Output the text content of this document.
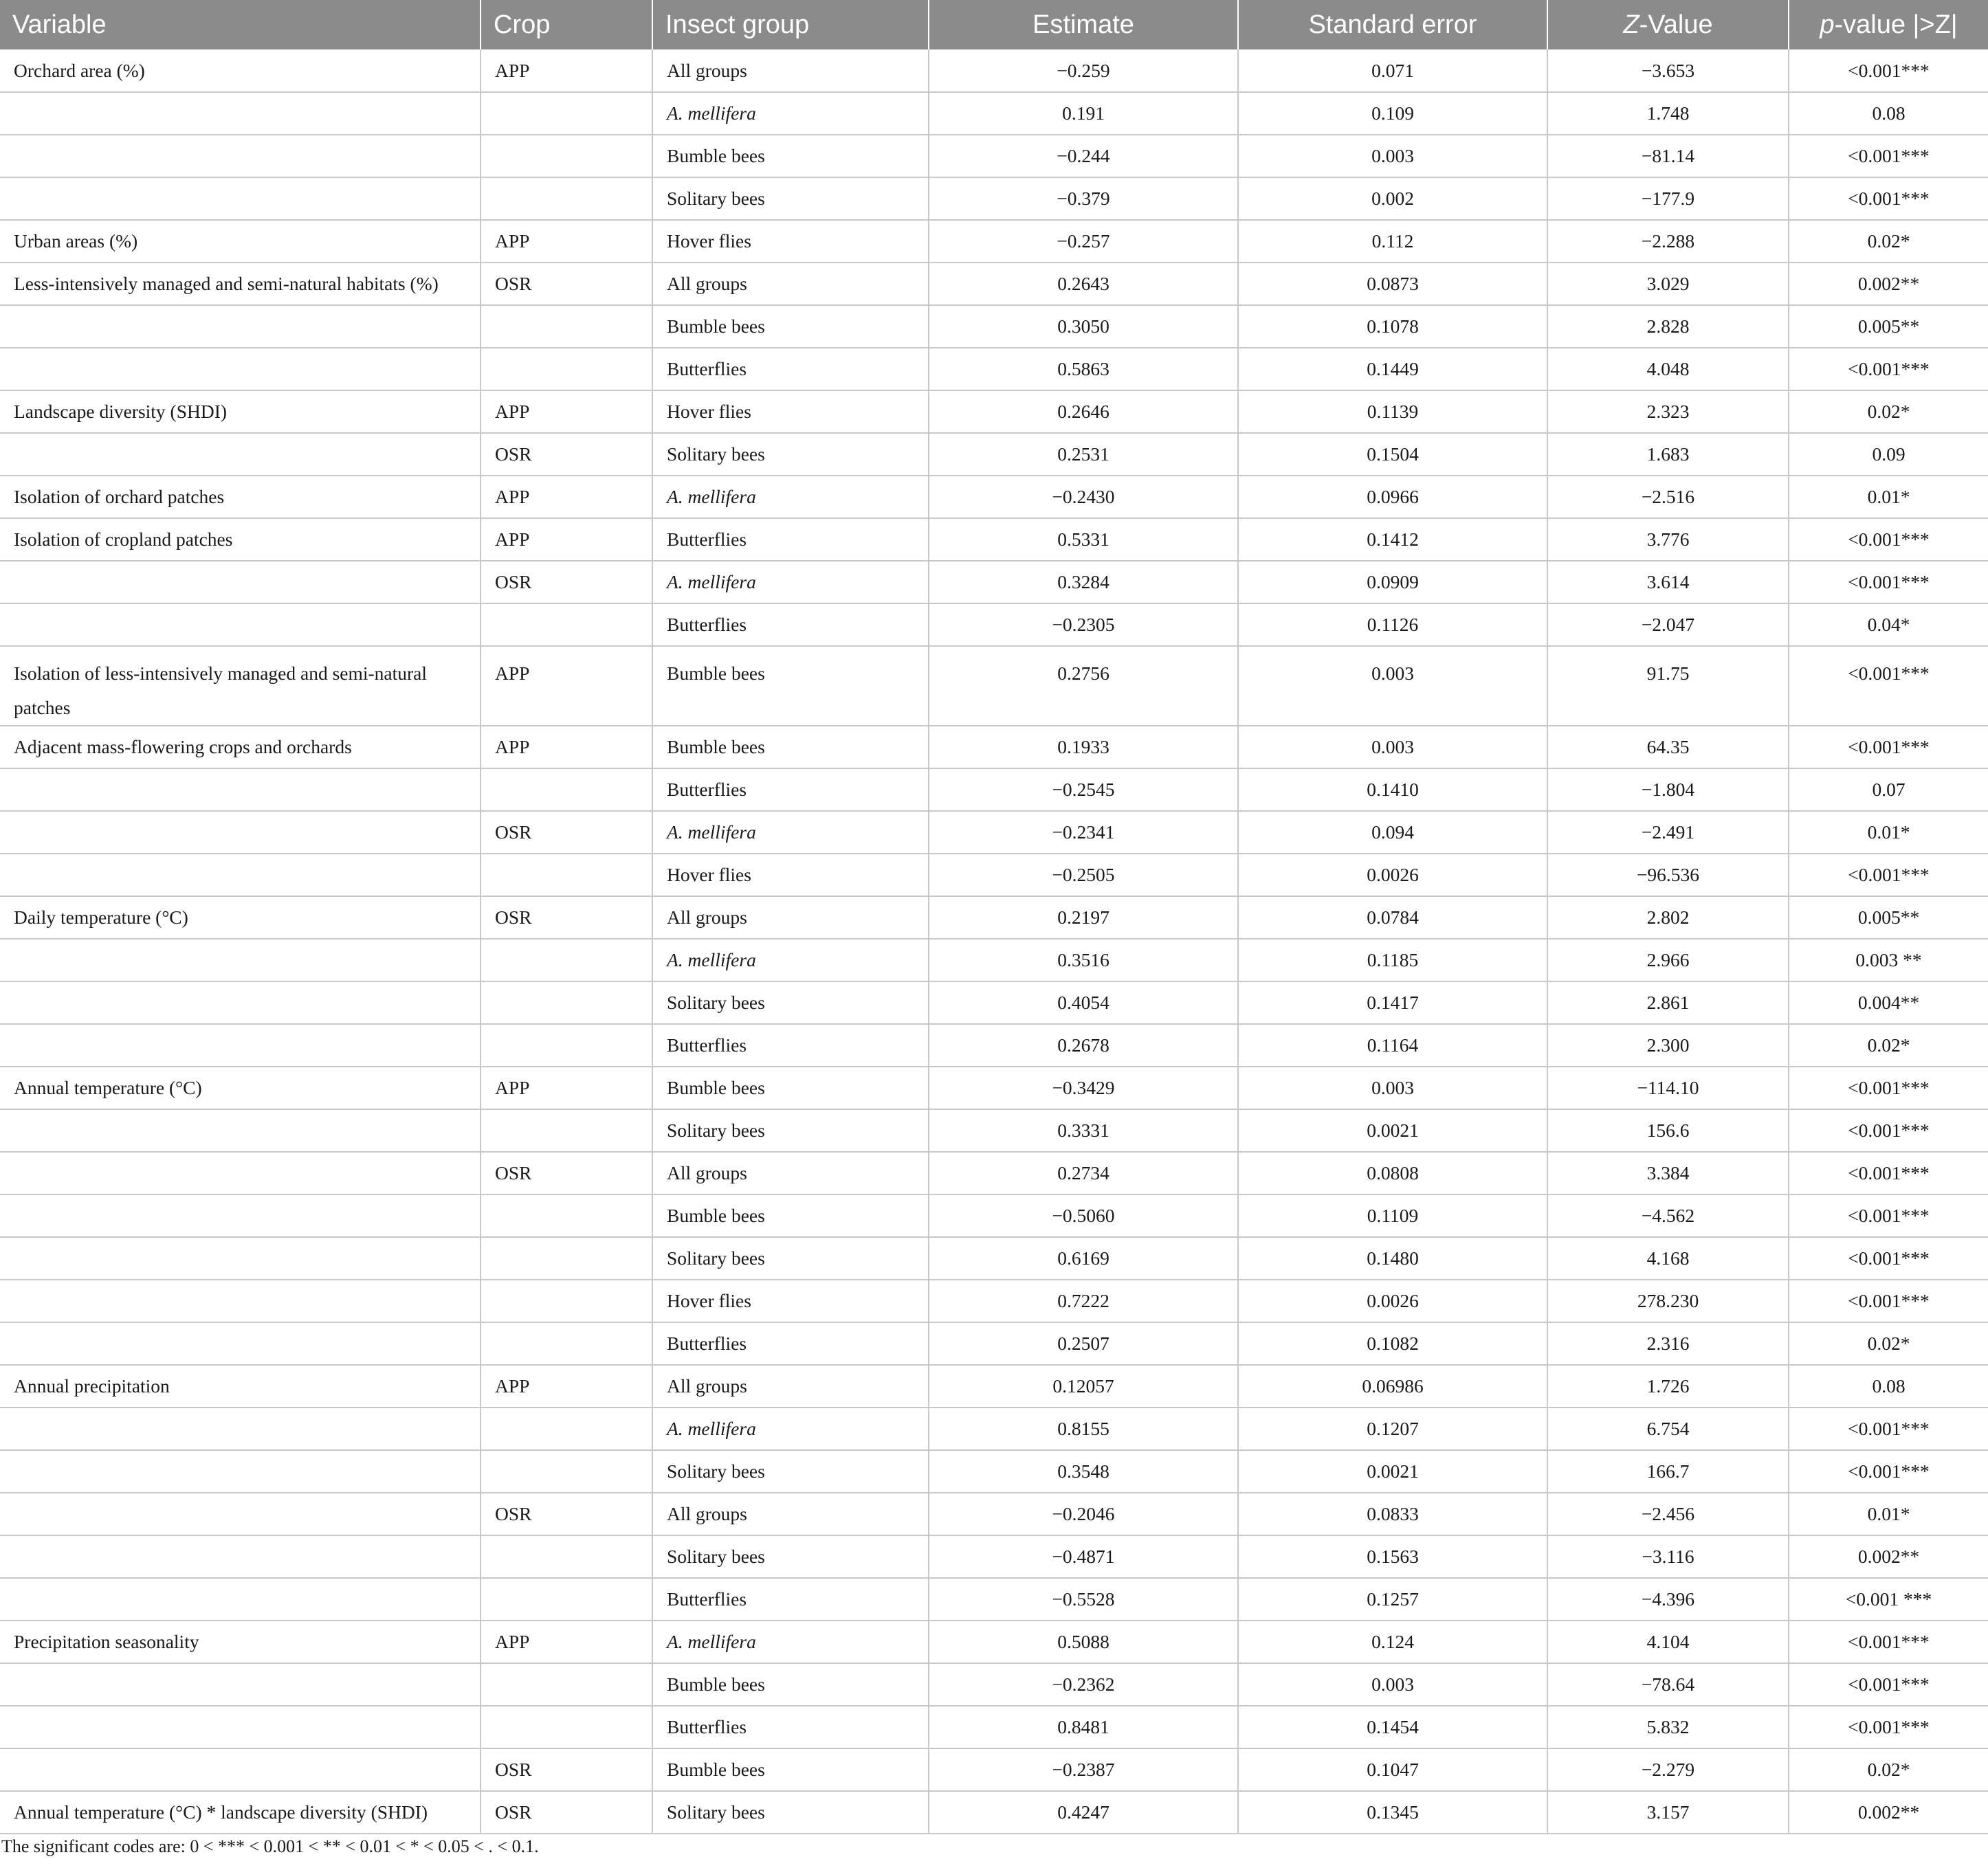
Variable	Crop	Insect group	Estimate	Standard error	Z-Value	p-value |>Z|
Orchard area (%)	APP	All groups	−0.259	0.071	−3.653	<0.001***
		A. mellifera	0.191	0.109	1.748	0.08
		Bumble bees	−0.244	0.003	−81.14	<0.001***
		Solitary bees	−0.379	0.002	−177.9	<0.001***
Urban areas (%)	APP	Hover flies	−0.257	0.112	−2.288	0.02*
Less-intensively managed and semi-natural habitats (%)	OSR	All groups	0.2643	0.0873	3.029	0.002**
		Bumble bees	0.3050	0.1078	2.828	0.005**
		Butterflies	0.5863	0.1449	4.048	<0.001***
Landscape diversity (SHDI)	APP	Hover flies	0.2646	0.1139	2.323	0.02*
	OSR	Solitary bees	0.2531	0.1504	1.683	0.09
Isolation of orchard patches	APP	A. mellifera	−0.2430	0.0966	−2.516	0.01*
Isolation of cropland patches	APP	Butterflies	0.5331	0.1412	3.776	<0.001***
	OSR	A. mellifera	0.3284	0.0909	3.614	<0.001***
		Butterflies	−0.2305	0.1126	−2.047	0.04*
Isolation of less-intensively managed and semi-natural patches	APP	Bumble bees	0.2756	0.003	91.75	<0.001***
Adjacent mass-flowering crops and orchards	APP	Bumble bees	0.1933	0.003	64.35	<0.001***
		Butterflies	−0.2545	0.1410	−1.804	0.07
	OSR	A. mellifera	−0.2341	0.094	−2.491	0.01*
		Hover flies	−0.2505	0.0026	−96.536	<0.001***
Daily temperature (°C)	OSR	All groups	0.2197	0.0784	2.802	0.005**
		A. mellifera	0.3516	0.1185	2.966	0.003 **
		Solitary bees	0.4054	0.1417	2.861	0.004**
		Butterflies	0.2678	0.1164	2.300	0.02*
Annual temperature (°C)	APP	Bumble bees	−0.3429	0.003	−114.10	<0.001***
		Solitary bees	0.3331	0.0021	156.6	<0.001***
	OSR	All groups	0.2734	0.0808	3.384	<0.001***
		Bumble bees	−0.5060	0.1109	−4.562	<0.001***
		Solitary bees	0.6169	0.1480	4.168	<0.001***
		Hover flies	0.7222	0.0026	278.230	<0.001***
		Butterflies	0.2507	0.1082	2.316	0.02*
Annual precipitation	APP	All groups	0.12057	0.06986	1.726	0.08
		A. mellifera	0.8155	0.1207	6.754	<0.001***
		Solitary bees	0.3548	0.0021	166.7	<0.001***
	OSR	All groups	−0.2046	0.0833	−2.456	0.01*
		Solitary bees	−0.4871	0.1563	−3.116	0.002**
		Butterflies	−0.5528	0.1257	−4.396	<0.001 ***
Precipitation seasonality	APP	A. mellifera	0.5088	0.124	4.104	<0.001***
		Bumble bees	−0.2362	0.003	−78.64	<0.001***
		Butterflies	0.8481	0.1454	5.832	<0.001***
	OSR	Bumble bees	−0.2387	0.1047	−2.279	0.02*
Annual temperature (°C) * landscape diversity (SHDI)	OSR	Solitary bees	0.4247	0.1345	3.157	0.002**
The significant codes are: 0 < *** < 0.001 < ** < 0.01 < * < 0.05 < . < 0.1.
